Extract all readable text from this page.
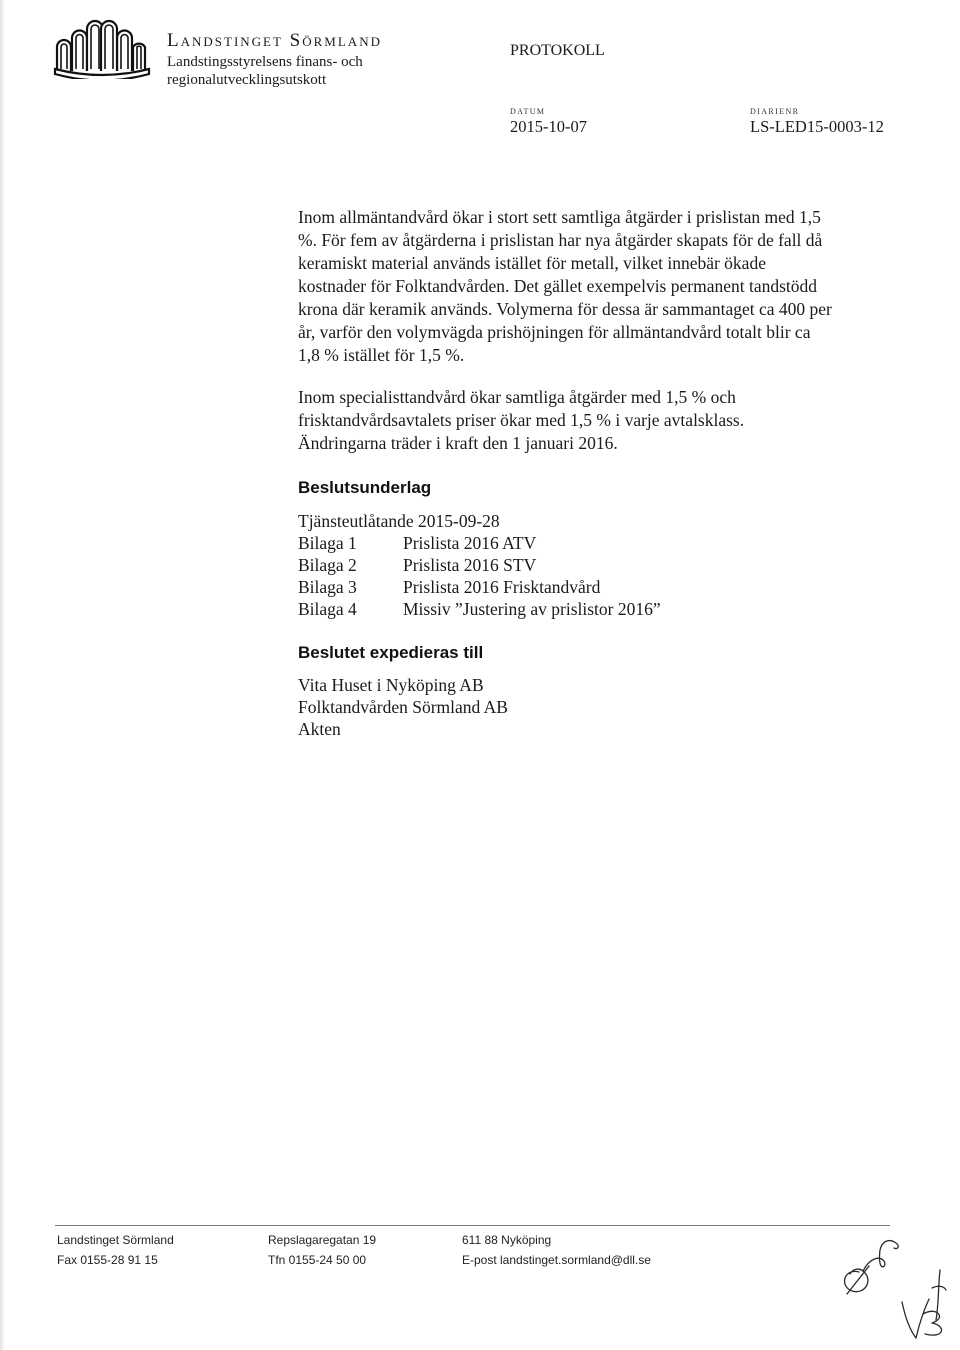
Landstinget Sörmland
Landstingsstyrelsens finans- och
regionalutvecklingsutskott
PROTOKOLL
DATUM
2015-10-07
DIARIENR
LS-LED15-0003-12
Inom allmäntandvård ökar i stort sett samtliga åtgärder i prislistan med 1,5
%. För fem av åtgärderna i prislistan har nya åtgärder skapats för de fall då
keramiskt material används istället för metall, vilket innebär ökade
kostnader för Folktandvården. Det gället exempelvis permanent tandstödd
krona där keramik används. Volymerna för dessa är sammantaget ca 400 per
år, varför den volymvägda prishöjningen för allmäntandvård totalt blir ca
1,8 % istället för 1,5 %.
Inom specialisttandvård ökar samtliga åtgärder med 1,5 % och
frisktandvårdsavtalets priser ökar med 1,5 % i varje avtalsklass.
Ändringarna träder i kraft den 1 januari 2016.
Beslutsunderlag
Tjänsteutlåtande 2015-09-28
Bilaga 1	Prislista 2016 ATV
Bilaga 2	Prislista 2016 STV
Bilaga 3	Prislista 2016 Frisktandvård
Bilaga 4	Missiv ”Justering av prislistor 2016”
Beslutet expedieras till
Vita Huset i Nyköping AB
Folktandvården Sörmland AB
Akten
Landstinget Sörmland
Fax 0155-28 91 15
Repslagaregatan 19
Tfn 0155-24 50 00
611 88 Nyköping
E-post landstinget.sormland@dll.se
